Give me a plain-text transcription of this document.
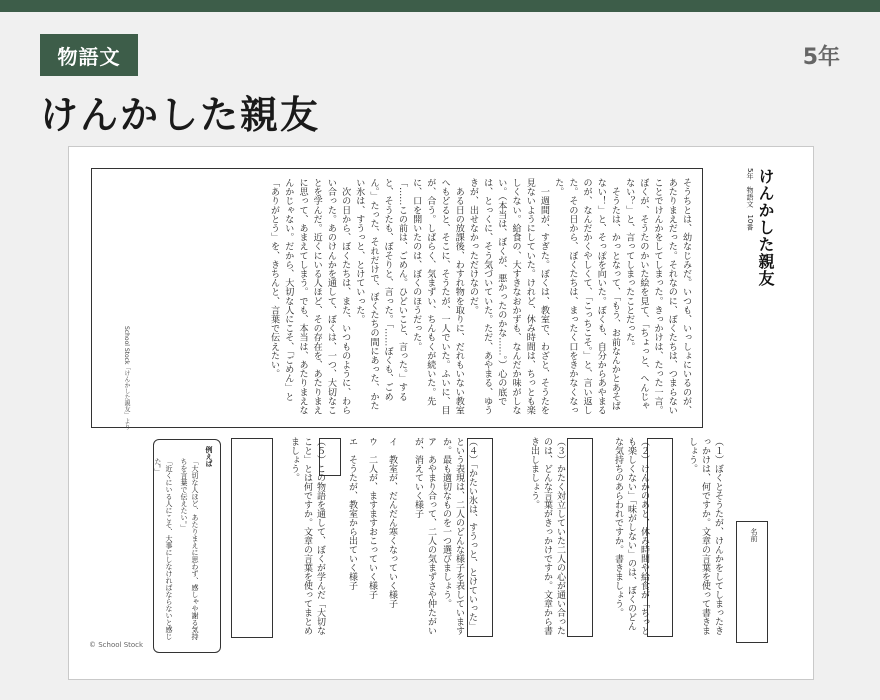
物語文	5年
けんかした親友
そうちとは、幼なじみだ。いつも、いっしょにいるのが、あたりまえだった。それなのに、ぼくたちは、つまらないことでけんかをしてしまった。きっかけは、たった一言。ぼくが、そうたのかいた絵を見て、「ちょっと、へんじゃない？」と、言ってしまったことだった。
　そうたは、かっとなって、「もう、お前なんかとあそばない！」と、そっぽを向いた。ぼくも、自分からあやまるのが、なんだかくやしくて、「こっちこそ。」と、言い返した。その日から、ぼくたちは、まったく口をきかなくなった。
　一週間が、すぎた。ぼくは、教室で、わざと、そうたを見ないようにしていた。けれど、休み時間は、ちっとも楽しくない。給食の、大すきなおかずも、なんだか味がしない。（本当は、ぼくが、悪かったのかな……。）心の底では、とっくに、そう気づいていた。ただ、あやまる、ゆうきが、出せなかっただけなのだ。
　ある日の放課後、わすれ物を取りに、だれもいない教室へもどると、そこに、そうたが、一人でいた。ふいに、目が、合う。しばらく、気まずい、ちんもくが続いた。先に、口を開いたのは、ぼくのほうだった。
「……この前は、ごめん。ひどいこと、言った。」すると、そうたも、ぼそりと、言った。「……ぼくも、ごめん。」たった、それだけで、ぼくたちの間にあった、かたい氷は、すうっと、とけていった。
　次の日から、ぼくたちは、また、いつものように、わらい合った。あのけんかを通して、ぼくは、一つ、大切なことを学んだ。近くにいる人ほど、その存在を、あたりまえに思って、あまえてしまう。でも、本当は、あたりまえなんかじゃない。だから、大切な人にこそ、「ごめん」と「ありがとう」を、きちんと、言葉で伝えたい。
School Stock「けんかした親友」より
けんかした親友
5年　物語文　10番
名前
（１）ぼくとそうたが、けんかをしてしまったきっかけは、何ですか。文章の言葉を使って書きましょう。
（２）けんかのあと、休み時間や給食が「ちっとも楽しくない」「味がしない」のは、ぼくのどんな気持ちのあらわれですか。書きましょう。
（３）かたく対立していた二人の心が通い合ったのは、どんな言葉がきっかけですか。文章から書き出しましょう。
（４）「かたい氷は、すうっと、とけていった」という表現は、二人のどんな様子を表していますか。最も適切なものを一つ選びましょう。
ア　あやまり合って、二人の気まずさや仲たがいが、消えていく様子
イ　教室が、だんだん寒くなっていく様子
ウ　二人が、ますますおこっていく様子
エ　そうたが、教室から出ていく様子
（５）この物語を通して、ぼくが学んだ「大切なこと」とは何ですか。文章の言葉を使ってまとめましょう。
例えば
「大切な人ほど、あたりまえに思わず、感しゃや謝る気持ちを言葉で伝えたい。」
「近くにいる人にこそ、大事にしなければならないと感じた。」
© School Stock
